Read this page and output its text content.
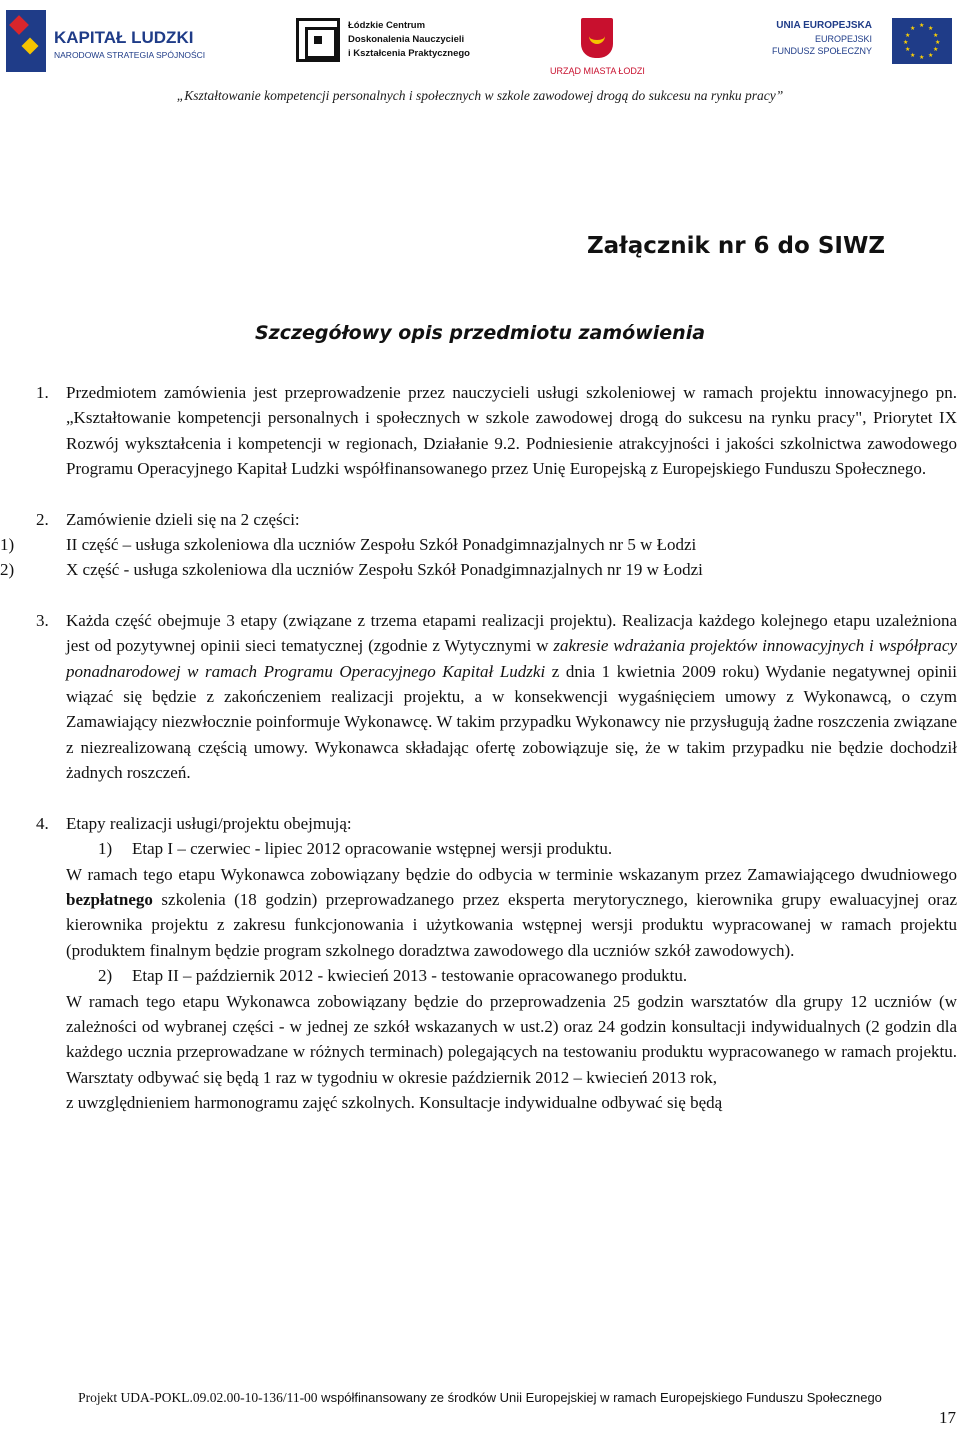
KAPITAŁ LUDZKI
NARODOWA STRATEGIA SPÓJNOŚCI
Łódzkie Centrum
Doskonalenia Nauczycieli
i Kształcenia Praktycznego
URZĄD MIASTA ŁODZI
UNIA EUROPEJSKA
EUROPEJSKI
FUNDUSZ SPOŁECZNY
★ ★
★
★
★
★
★
★
★
★
★
★
„Kształtowanie kompetencji personalnych i społecznych w szkole zawodowej drogą do sukcesu na rynku pracy”
Załącznik nr 6 do SIWZ
Szczegółowy opis przedmiotu zamówienia

1. Przedmiotem zamówienia jest przeprowadzenie przez nauczycieli usługi szkoleniowej w ramach projektu innowacyjnego pn. „Kształtowanie kompetencji personalnych i społecznych w szkole zawodowej drogą do sukcesu na rynku pracy", Priorytet IX Rozwój wykształcenia i kompetencji w regionach, Działanie 9.2. Podniesienie atrakcyjności i jakości szkolnictwa zawodowego Programu Operacyjnego Kapitał Ludzki współfinansowanego przez Unię Europejską z Europejskiego Funduszu Społecznego.

2. Zamówienie dzieli się na 2 części:

1)	II część – usługa szkoleniowa dla uczniów Zespołu Szkół Ponadgimnazjalnych nr 5 w Łodzi

2)	X część - usługa szkoleniowa dla uczniów Zespołu Szkół Ponadgimnazjalnych nr 19 w Łodzi

3. Każda część obejmuje 3 etapy (związane z trzema etapami realizacji projektu). Realizacja każdego kolejnego etapu uzależniona jest od pozytywnej opinii sieci tematycznej (zgodnie z Wytycznymi w zakresie wdrażania projektów innowacyjnych i współpracy ponadnarodowej w ramach Programu Operacyjnego Kapitał Ludzki z dnia 1 kwietnia 2009 roku) Wydanie negatywnej opinii wiązać się będzie z zakończeniem realizacji projektu, a w konsekwencji wygaśnięciem umowy z Wykonawcą, o czym Zamawiający niezwłocznie poinformuje Wykonawcę. W takim przypadku Wykonawcy nie przysługują żadne roszczenia związane z niezrealizowaną częścią umowy. Wykonawca składając ofertę zobowiązuje się, że w takim przypadku nie będzie dochodził żadnych roszczeń.

4. Etapy realizacji usługi/projektu obejmują:

1) Etap I – czerwiec - lipiec 2012 opracowanie wstępnej wersji produktu.

W ramach tego etapu Wykonawca zobowiązany będzie do odbycia w terminie wskazanym przez Zamawiającego dwudniowego bezpłatnego szkolenia (18 godzin) przeprowadzanego przez eksperta merytorycznego, kierownika grupy ewaluacyjnej oraz kierownika projektu z zakresu funkcjonowania i użytkowania wstępnej wersji produktu wypracowanej w ramach projektu (produktem finalnym będzie program szkolnego doradztwa zawodowego dla uczniów szkół zawodowych).

2) Etap II – październik 2012 - kwiecień 2013 - testowanie opracowanego produktu.

W ramach tego etapu Wykonawca zobowiązany będzie do przeprowadzenia 25 godzin warsztatów dla grupy 12 uczniów (w zależności od wybranej części - w jednej ze szkół wskazanych w ust.2) oraz 24 godzin konsultacji indywidualnych (2 godzin dla każdego ucznia przeprowadzane w różnych terminach) polegających na testowaniu produktu wypracowanego w ramach projektu. Warsztaty odbywać się będą 1 raz w tygodniu w okresie październik 2012 – kwiecień 2013 rok,

z uwzględnieniem harmonogramu zajęć szkolnych. Konsultacje indywidualne odbywać się będą

Projekt UDA-POKL.09.02.00-10-136/11-00 współfinansowany ze środków Unii Europejskiej w ramach Europejskiego Funduszu Społecznego
17
